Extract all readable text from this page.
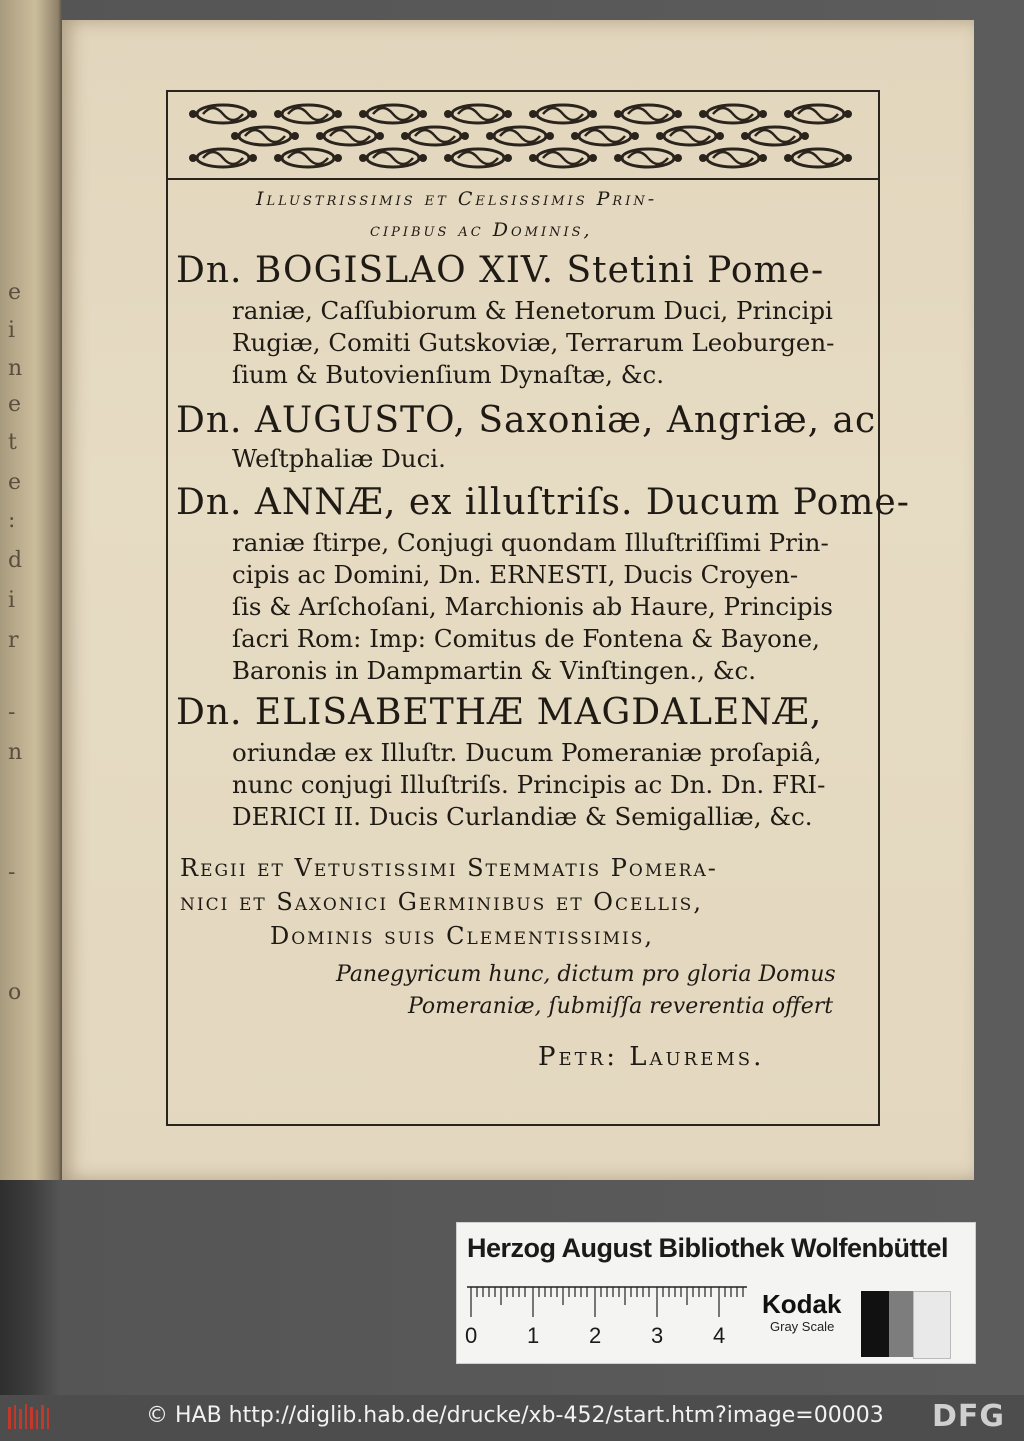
e
i
n
e
t
e
:
d
i
r
-
n
-
o
Illustrissimis et Celsissimis Prin-
cipibus ac Dominis,
Dn. BOGISLAO XIV. Stetini Pome-
raniæ, Caſſubiorum & Henetorum Duci, Principi
Rugiæ, Comiti Gutskoviæ, Terrarum Leoburgen-
ſium & Butovienſium Dynaſtæ, &c.
Dn. AUGUSTO, Saxoniæ, Angriæ, ac
Weſtphaliæ Duci.
Dn. ANNÆ, ex illuſtriſs. Ducum Pome-
raniæ ſtirpe, Conjugi quondam Illuſtriſſimi Prin-
cipis ac Domini, Dn. ERNESTI, Ducis Croyen-
ſis & Arſchoſani, Marchionis ab Haure, Principis
ſacri Rom: Imp: Comitus de Fontena & Bayone,
Baronis in Dampmartin & Vinſtingen., &c.
Dn. ELISABETHÆ MAGDALENÆ,
oriundæ ex Illuſtr. Ducum Pomeraniæ proſapiâ,
nunc conjugi Illuſtriſs. Principis ac Dn. Dn. FRI-
DERICI II. Ducis Curlandiæ & Semigalliæ, &c.
Regii et Vetustissimi Stemmatis Pomera-
nici et Saxonici Germinibus et Ocellis,
Dominis suis Clementissimis,
Panegyricum hunc, dictum pro gloria Domus
Pomeraniæ, ſubmiſſa reverentia offert
Petr: Laurems.
Herzog August Bibliothek Wolfenbüttel
0 1 2 3 4
Kodak
Gray Scale
© HAB http://diglib.hab.de/drucke/xb-452/start.htm?image=00003 DFG
